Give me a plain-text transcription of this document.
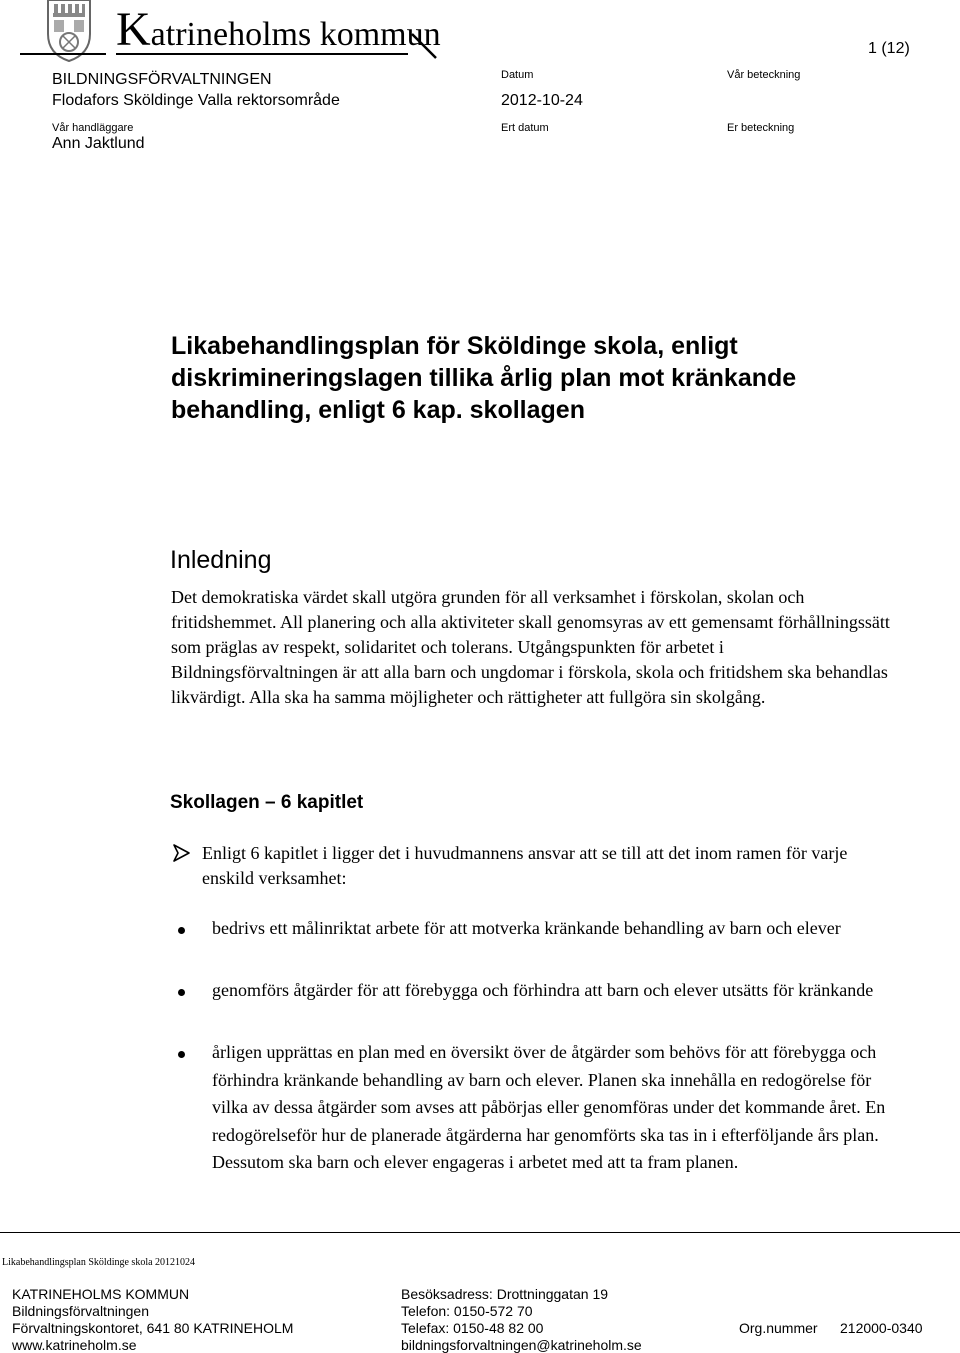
Katrineholms kommun	1 (12)
BILDNINGSFÖRVALTNINGEN
Flodafors Sköldinge Valla rektorsområde
Datum
2012-10-24
Vår beteckning
Vår handläggare
Ann Jaktlund
Ert datum	Er beteckning
Likabehandlingsplan för Sköldinge skola, enligt diskrimineringslagen tillika årlig plan mot kränkande behandling, enligt 6 kap. skollagen
Inledning
Det demokratiska värdet skall utgöra grunden för all verksamhet i förskolan, skolan och fritidshemmet. All planering och alla aktiviteter skall genomsyras av ett gemensamt förhållningssätt som präglas av respekt, solidaritet och tolerans. Utgångspunkten för arbetet i Bildningsförvaltningen är att alla barn och ungdomar i förskola, skola och fritidshem ska behandlas likvärdigt. Alla ska ha samma möjligheter och rättigheter att fullgöra sin skolgång.
Skollagen – 6 kapitlet
Enligt 6 kapitlet i ligger det i huvudmannens ansvar att se till att det inom ramen för varje enskild verksamhet:
bedrivs ett målinriktat arbete för att motverka kränkande behandling av barn och elever
genomförs åtgärder för att förebygga och förhindra att barn och elever utsätts för kränkande
årligen upprättas en plan med en översikt över de åtgärder som behövs för att förebygga och förhindra kränkande behandling av barn och elever. Planen ska innehålla en redogörelse för vilka av dessa åtgärder som avses att påbörjas eller genomföras under det kommande året. En redogörelseför hur de planerade åtgärderna har genomförts ska tas in i efterföljande års plan. Dessutom ska barn och elever engageras i arbetet med att ta fram planen.
Likabehandlingsplan Sköldinge skola 20121024
KATRINEHOLMS KOMMUN
Bildningsförvaltningen
Förvaltningskontoret, 641 80 KATRINEHOLM
www.katrineholm.se
Besöksadress: Drottninggatan 19
Telefon: 0150-572 70
Telefax: 0150-48 82 00
bildningsforvaltningen@katrineholm.se
Org.nummer 212000-0340
